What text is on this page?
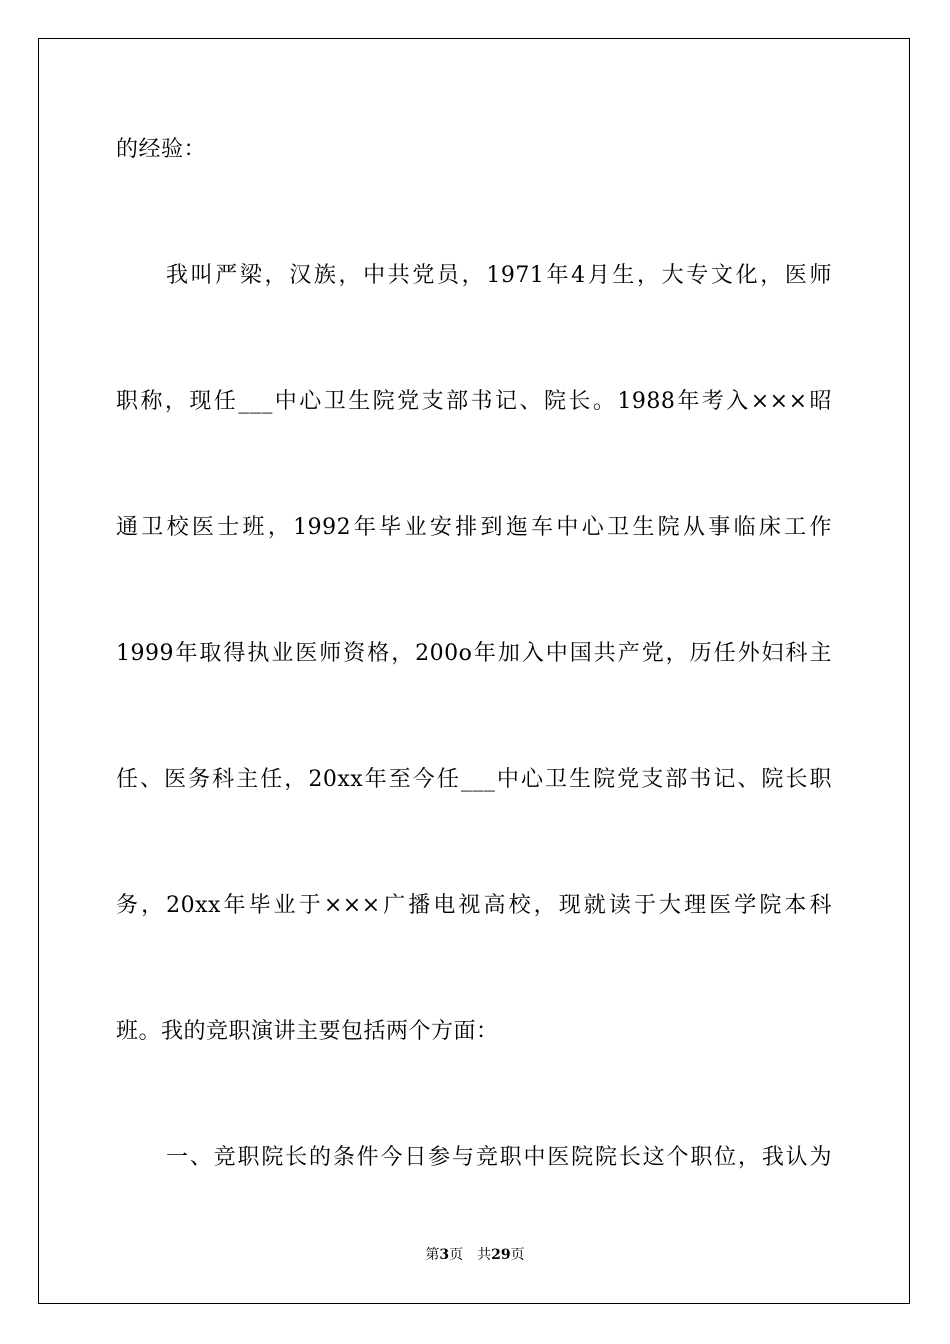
的经验：
我叫严梁，汉族，中共党员，1971年4月生，大专文化，医师
职称，现任___中心卫生院党支部书记、院长。1988年考入×××昭
通卫校医士班，1992年毕业安排到迤车中心卫生院从事临床工作
1999年取得执业医师资格，200o年加入中国共产党，历任外妇科主
任、医务科主任，20xx年至今任___中心卫生院党支部书记、院长职
务，20xx年毕业于×××广播电视高校，现就读于大理医学院本科
班。我的竞职演讲主要包括两个方面：
一、竞职院长的条件今日参与竞职中医院院长这个职位，我认为
第3页 共29页
